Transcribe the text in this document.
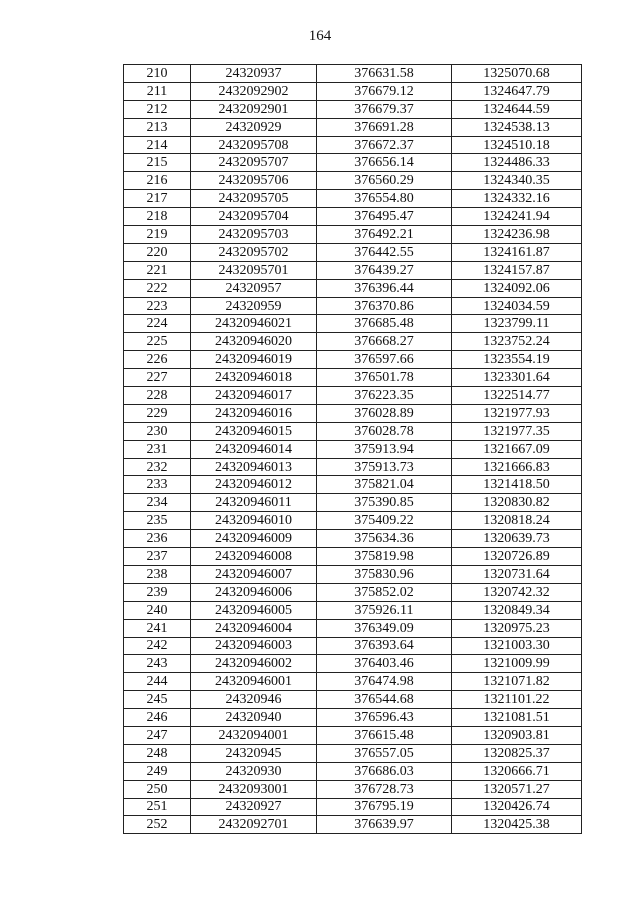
164
210	24320937	376631.58	1325070.68
211	2432092902	376679.12	1324647.79
212	2432092901	376679.37	1324644.59
213	24320929	376691.28	1324538.13
214	2432095708	376672.37	1324510.18
215	2432095707	376656.14	1324486.33
216	2432095706	376560.29	1324340.35
217	2432095705	376554.80	1324332.16
218	2432095704	376495.47	1324241.94
219	2432095703	376492.21	1324236.98
220	2432095702	376442.55	1324161.87
221	2432095701	376439.27	1324157.87
222	24320957	376396.44	1324092.06
223	24320959	376370.86	1324034.59
224	24320946021	376685.48	1323799.11
225	24320946020	376668.27	1323752.24
226	24320946019	376597.66	1323554.19
227	24320946018	376501.78	1323301.64
228	24320946017	376223.35	1322514.77
229	24320946016	376028.89	1321977.93
230	24320946015	376028.78	1321977.35
231	24320946014	375913.94	1321667.09
232	24320946013	375913.73	1321666.83
233	24320946012	375821.04	1321418.50
234	24320946011	375390.85	1320830.82
235	24320946010	375409.22	1320818.24
236	24320946009	375634.36	1320639.73
237	24320946008	375819.98	1320726.89
238	24320946007	375830.96	1320731.64
239	24320946006	375852.02	1320742.32
240	24320946005	375926.11	1320849.34
241	24320946004	376349.09	1320975.23
242	24320946003	376393.64	1321003.30
243	24320946002	376403.46	1321009.99
244	24320946001	376474.98	1321071.82
245	24320946	376544.68	1321101.22
246	24320940	376596.43	1321081.51
247	2432094001	376615.48	1320903.81
248	24320945	376557.05	1320825.37
249	24320930	376686.03	1320666.71
250	2432093001	376728.73	1320571.27
251	24320927	376795.19	1320426.74
252	2432092701	376639.97	1320425.38
